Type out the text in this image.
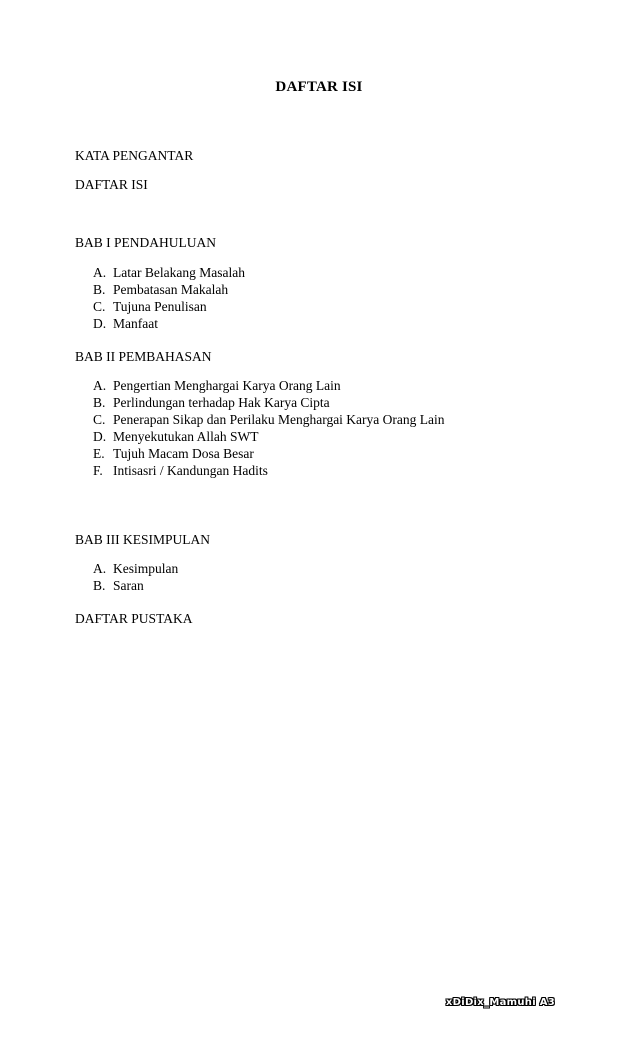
DAFTAR ISI
KATA PENGANTAR
DAFTAR ISI
BAB I PENDAHULUAN
A. Latar Belakang Masalah
B. Pembatasan Makalah
C. Tujuna Penulisan
D. Manfaat
BAB II PEMBAHASAN
A. Pengertian Menghargai Karya Orang Lain
B. Perlindungan terhadap Hak Karya Cipta
C. Penerapan Sikap dan Perilaku Menghargai Karya Orang Lain
D. Menyekutukan Allah SWT
E. Tujuh Macam Dosa Besar
F. Intisasri / Kandungan Hadits
BAB III KESIMPULAN
A. Kesimpulan
B. Saran
DAFTAR PUSTAKA
xDiDix_Mamuhi A3
